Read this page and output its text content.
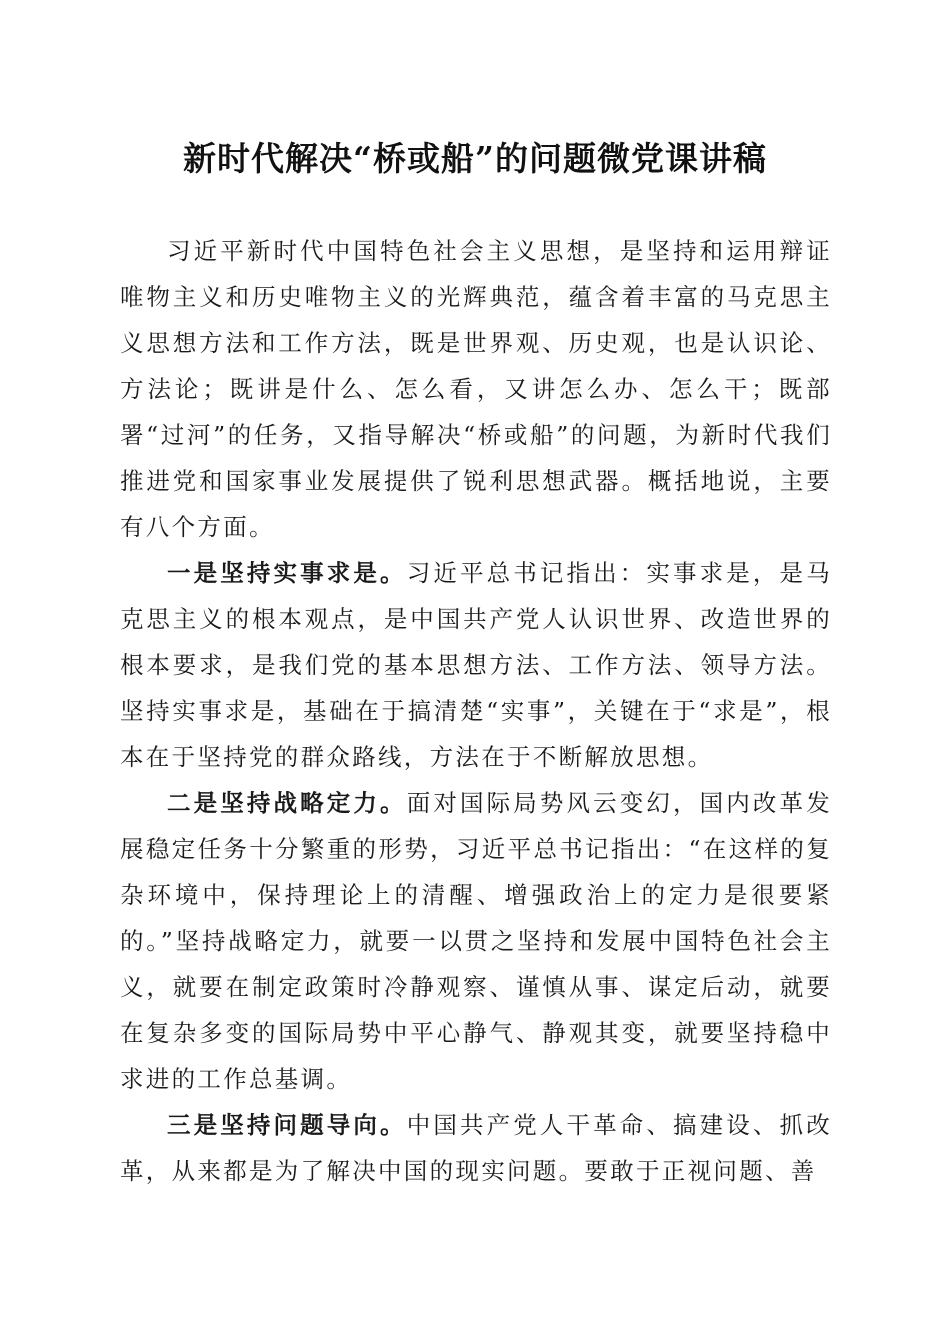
新时代解决“桥或船”的问题微党课讲稿

习近平新时代中国特色社会主义思想，是坚持和运用辩证唯物主义和历史唯物主义的光辉典范，蕴含着丰富的马克思主义思想方法和工作方法，既是世界观、历史观，也是认识论、方法论；既讲是什么、怎么看，又讲怎么办、怎么干；既部署“过河”的任务，又指导解决“桥或船”的问题，为新时代我们推进党和国家事业发展提供了锐利思想武器。概括地说，主要有八个方面。

一是坚持实事求是。习近平总书记指出：实事求是，是马克思主义的根本观点，是中国共产党人认识世界、改造世界的根本要求，是我们党的基本思想方法、工作方法、领导方法。坚持实事求是，基础在于搞清楚“实事”，关键在于“求是”，根本在于坚持党的群众路线，方法在于不断解放思想。

二是坚持战略定力。面对国际局势风云变幻，国内改革发展稳定任务十分繁重的形势，习近平总书记指出：“在这样的复杂环境中，保持理论上的清醒、增强政治上的定力是很要紧的。”坚持战略定力，就要一以贯之坚持和发展中国特色社会主义，就要在制定政策时冷静观察、谨慎从事、谋定后动，就要在复杂多变的国际局势中平心静气、静观其变，就要坚持稳中求进的工作总基调。

三是坚持问题导向。中国共产党人干革命、搞建设、抓改革，从来都是为了解决中国的现实问题。要敢于正视问题、善
